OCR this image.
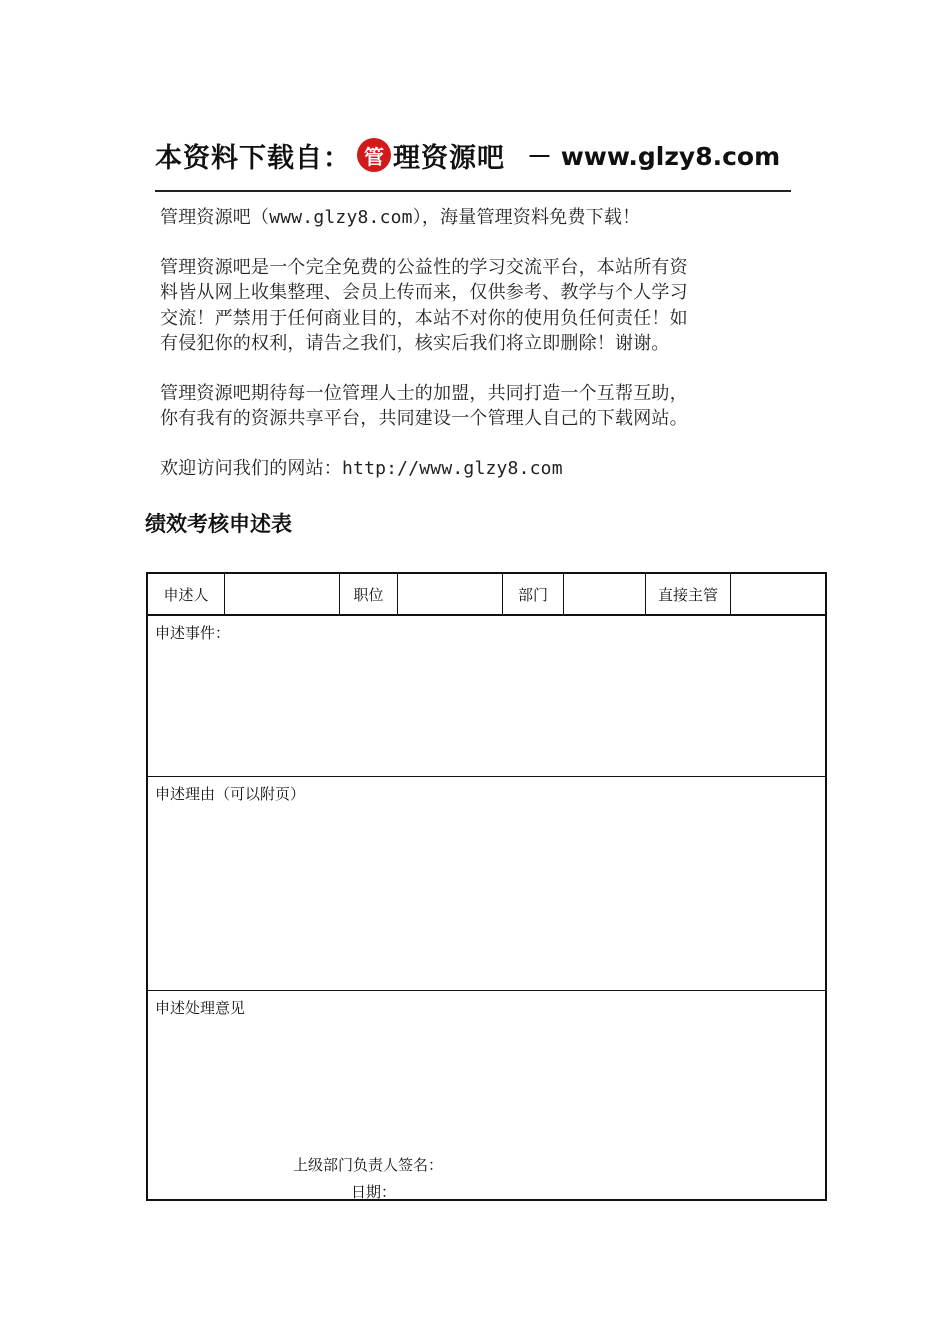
本资料下载自： 管 理资源吧 － www.glzy8.com

管理资源吧（www.glzy8.com），海量管理资料免费下载！

管理资源吧是一个完全免费的公益性的学习交流平台，本站所有资

料皆从网上收集整理、会员上传而来，仅供参考、教学与个人学习

交流！严禁用于任何商业目的，本站不对你的使用负任何责任！如

有侵犯你的权利，请告之我们，核实后我们将立即删除！谢谢。

管理资源吧期待每一位管理人士的加盟，共同打造一个互帮互助，

你有我有的资源共享平台，共同建设一个管理人自己的下载网站。

欢迎访问我们的网站：http://www.glzy8.com

绩效考核申述表
申述人	职位	部门	直接主管
申述事件：
申述理由（可以附页）
申述处理意见
上级部门负责人签名：
日期：
